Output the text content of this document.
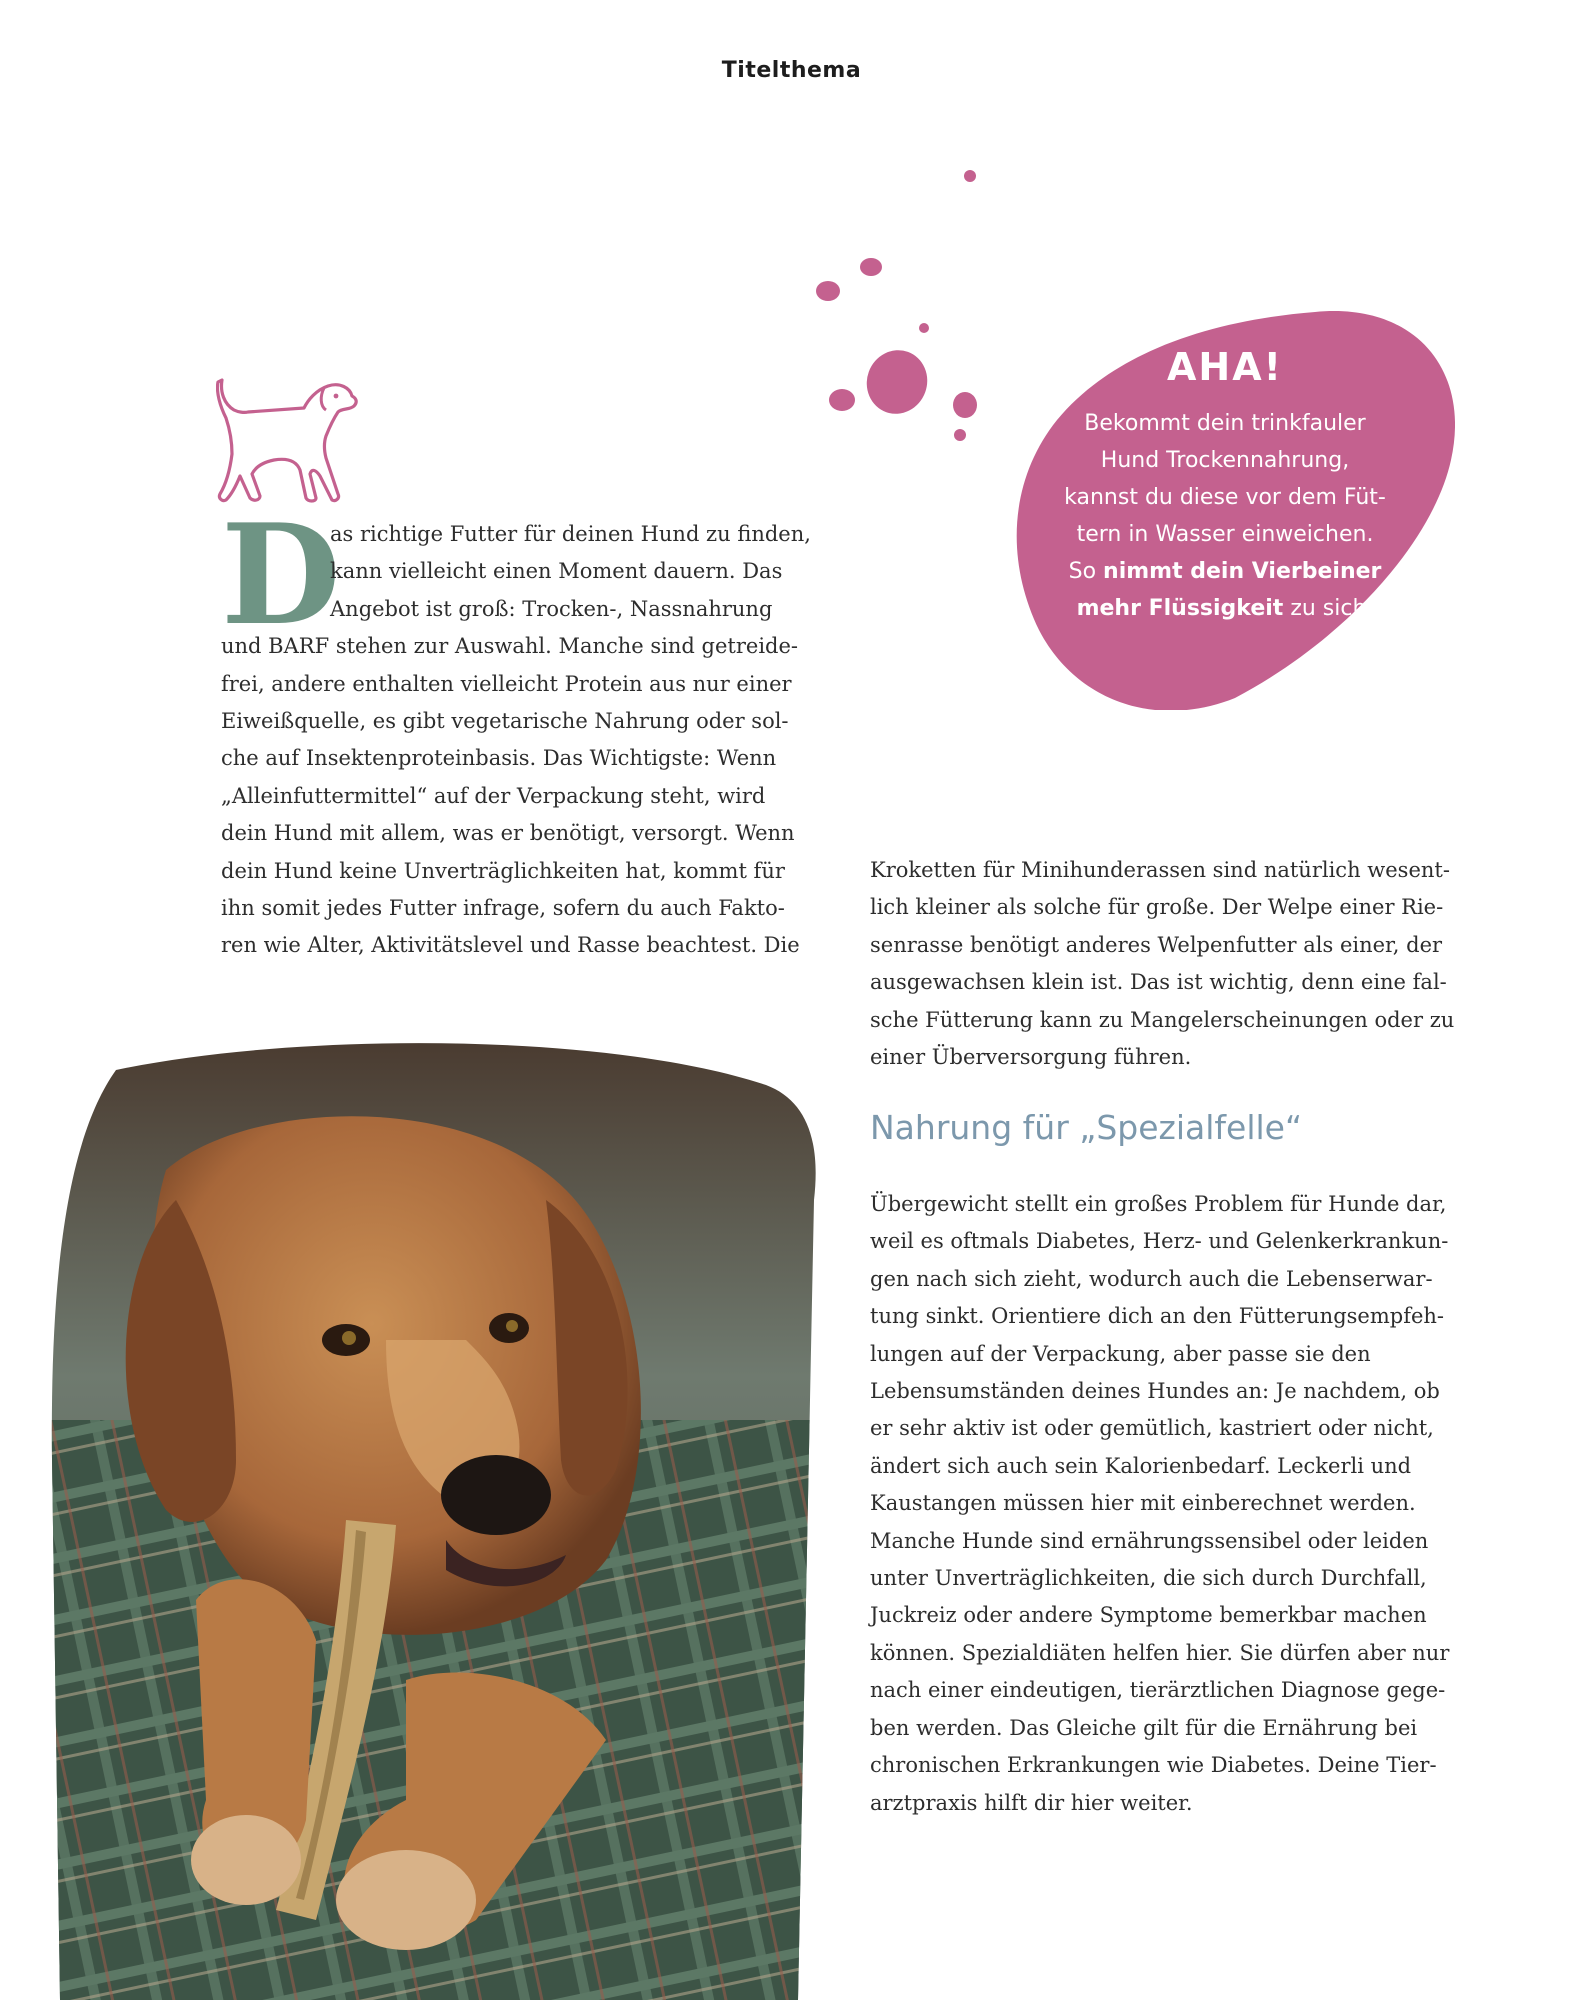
Titelthema
AHA!
Bekommt dein trinkfauler
Hund Trockennahrung,
kannst du diese vor dem Füt-
tern in Wasser einweichen.
So nimmt dein Vierbeiner
mehr Flüssigkeit zu sich.
D
as richtige Futter für deinen Hund zu finden,
kann vielleicht einen Moment dauern. Das
Angebot ist groß: Trocken-, Nassnahrung
und BARF stehen zur Auswahl. Manche sind getreide-
frei, andere enthalten vielleicht Protein aus nur einer
Eiweißquelle, es gibt vegetarische Nahrung oder sol-
che auf Insektenproteinbasis. Das Wichtigste: Wenn
„Alleinfuttermittel“ auf der Verpackung steht, wird
dein Hund mit allem, was er benötigt, versorgt. Wenn
dein Hund keine Unverträglichkeiten hat, kommt für
ihn somit jedes Futter infrage, sofern du auch Fakto-
ren wie Alter, Aktivitätslevel und Rasse beachtest. Die
Kroketten für Minihunderassen sind natürlich wesent-
lich kleiner als solche für große. Der Welpe einer Rie-
senrasse benötigt anderes Welpenfutter als einer, der
ausgewachsen klein ist. Das ist wichtig, denn eine fal-
sche Fütterung kann zu Mangelerscheinungen oder zu
einer Überversorgung führen.
Nahrung für „Spezialfelle“
Übergewicht stellt ein großes Problem für Hunde dar,
weil es oftmals Diabetes, Herz- und Gelenkerkrankun-
gen nach sich zieht, wodurch auch die Lebenserwar-
tung sinkt. Orientiere dich an den Fütterungsempfeh-
lungen auf der Verpackung, aber passe sie den
Lebensumständen deines Hundes an: Je nachdem, ob
er sehr aktiv ist oder gemütlich, kastriert oder nicht,
ändert sich auch sein Kalorienbedarf. Leckerli und
Kaustangen müssen hier mit einberechnet werden.
Manche Hunde sind ernährungssensibel oder leiden
unter Unverträglichkeiten, die sich durch Durchfall,
Juckreiz oder andere Symptome bemerkbar machen
können. Spezialdiäten helfen hier. Sie dürfen aber nur
nach einer eindeutigen, tierärztlichen Diagnose gege-
ben werden. Das Gleiche gilt für die Ernährung bei
chronischen Erkrankungen wie Diabetes. Deine Tier-
arztpraxis hilft dir hier weiter.
